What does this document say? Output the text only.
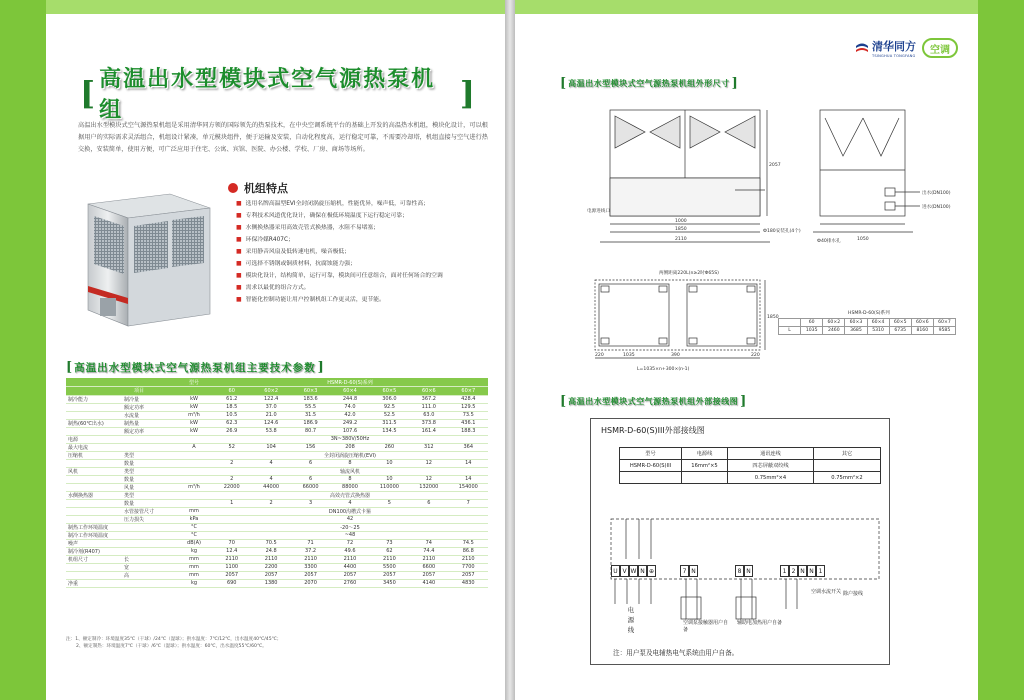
[ 高温出水型模块式空气源热泵机组	]
高温出水型模块式空气源热泵机组是采用清华同方领的国际领先的热泵技术，在中央空调系统平台的基础上开发的高温热水机组，模块化设计，可以根据用户的实际需求灵活组合，机组设计紧凑，单元模块组件，便于运输及安装，自动化程度高，运行稳定可靠，不需要冷却塔，机组直接与空气进行热交换，安装简单，使用方便，可广泛应用于住宅、公寓、宾馆、医院、办公楼、学校、厂房、商场等场所。
机组特点
■ 选用名牌高温型EVI全封闭涡旋压缩机，性能优异，噪声低，可靠性高；
■ 专利技术风道优化设计，确保在极低环境温度下运行稳定可靠；
■ 水侧换热器采用高效壳管式换热器，水阻不易堵塞；
■ 环保冷媒R407C；
■ 采用静音风扇及低转速电机，噪音极低；
■ 可选择不锈钢或铜质材料，抗腐蚀能力强；
■ 模块化设计，结构简单，运行可靠，模块间可任意组合，面对任何场合的空调
■ 需求以最优的组合方式。
■ 智能化控制功能让用户控制机组工作更灵活，更节能。
[ 高温出水型模块式空气源热泵机组主要技术参数 ]
		型号	HSMR-D-60(S)系列						
项目			60	60×2	60×3	60×4	60×5	60×6	60×7
制冷能力	制冷量	kW	61.2	122.4	183.6	244.8	306.0	367.2	428.4
	额定功率	kW	18.5	37.0	55.5	74.0	92.5	111.0	129.5
	水流量	m³/h	10.5	21.0	31.5	42.0	52.5	63.0	73.5
制热(60℃出水)	制热量	kW	62.3	124.6	186.9	249.2	311.5	373.8	436.1
	额定功率	kW	26.9	53.8	80.7	107.6	134.5	161.4	188.3
电源			3N~380V/50Hz						
最大电流		A	52	104	156	208	260	312	364
压缩机	类型		全封闭涡旋压缩机(EVI)						
	数量		2	4	6	8	10	12	14
风机	类型		轴流风机						
	数量		2	4	6	8	10	12	14
	风量	m³/h	22000	44000	66000	88000	110000	132000	154000
水侧换热器	类型		高效壳管式换热器						
	数量		1	2	3	4	5	6	7
	水管接管尺寸	mm	DN100沟槽式卡箍						
	压力损失	kPa	42						
制热工作环境温度		°C	-20～25						
制冷工作环境温度		°C	~48						
噪声		dB(A)	70	70.5	71	72	73	74	74.5
制冷剂(R407)		kg	12.4	24.8	37.2	49.6	62	74.4	86.8
机组尺寸	长	mm	2110	2110	2110	2110	2110	2110	2110
	宽	mm	1100	2200	3300	4400	5500	6600	7700
	高	mm	2057	2057	2057	2057	2057	2057	2057
净重		kg	690	1380	2070	2760	3450	4140	4830
注：1、额定制冷：环境温度35℃（干球）/24℃（湿球）；供水温度：7℃/12℃，出水温度40℃/45℃；
2、额定制热：环境温度7℃（干球）/6℃（湿球）；供水温度：60℃，出水温度55℃/60℃。
清华同方
TSINGHUA TONGFANG
空调
[ 高温出水型模块式空气源热泵机组外形尺寸 ]
2057
1000
1850
2110
电源进线口
Ф180安装孔(4个)
出水(DN100)
进水(DN100)
Ф40排水孔	1050
两侧距离220L(n≥2时Φ65S)
1850
220	1035	390	220
L=1035×n+300×(n-1)
HSMR-D-60(S)系列
	60	60×2	60×3	60×4	60×5	60×6	60×7
L	1035	2460	3685	5310	6735	8160	9585
[ 高温出水型模块式空气源热泵机组外部接线图 ]
HSMR-D-60(S)III外部接线图
型号	电源线	通讯连线	其它
HSMR-D-60(S)III	16mm²×5	四芯屏蔽双绞线	
		0.75mm²×4	0.75mm²×2
U V W N ⊕	7 N	8 N	1 2 N N 1
电
源
线
空调泵接触器用户自备
辅助电加热用户自备
空调水流开关 除户接线
注：用户泵及电辅热电气系统由用户自备。
